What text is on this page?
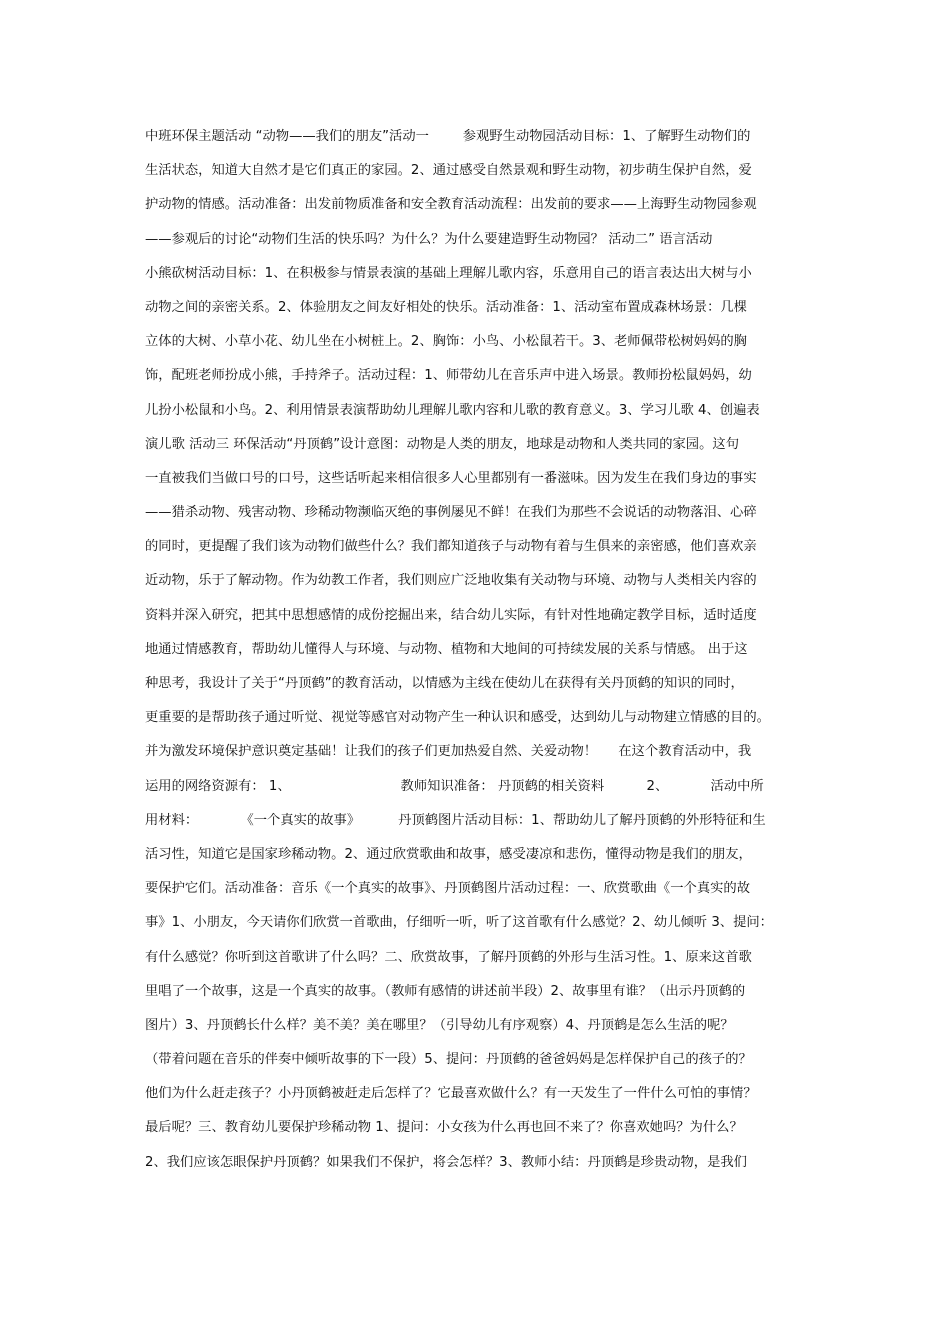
中班环保主题活动 “动物——我们的朋友”活动一        参观野生动物园活动目标：1、了解野生动物们的
生活状态，知道大自然才是它们真正的家园。2、通过感受自然景观和野生动物，初步萌生保护自然，爱
护动物的情感。活动准备：出发前物质准备和安全教育活动流程：出发前的要求——上海野生动物园参观
——参观后的讨论“动物们生活的快乐吗？为什么？为什么要建造野生动物园？ 活动二” 语言活动
小熊砍树活动目标：1、在积极参与情景表演的基础上理解儿歌内容，乐意用自己的语言表达出大树与小
动物之间的亲密关系。2、体验朋友之间友好相处的快乐。活动准备：1、活动室布置成森林场景：几棵
立体的大树、小草小花、幼儿坐在小树桩上。2、胸饰：小鸟、小松鼠若干。3、老师佩带松树妈妈的胸
饰，配班老师扮成小熊，手持斧子。活动过程：1、师带幼儿在音乐声中进入场景。教师扮松鼠妈妈，幼
儿扮小松鼠和小鸟。2、利用情景表演帮助幼儿理解儿歌内容和儿歌的教育意义。3、学习儿歌 4、创遍表
演儿歌 活动三 环保活动“丹顶鹤”设计意图：动物是人类的朋友，地球是动物和人类共同的家园。这句
一直被我们当做口号的口号，这些话听起来相信很多人心里都别有一番滋味。因为发生在我们身边的事实
——猎杀动物、残害动物、珍稀动物濒临灭绝的事例屡见不鲜！在我们为那些不会说话的动物落泪、心碎
的同时，更提醒了我们该为动物们做些什么？我们都知道孩子与动物有着与生俱来的亲密感，他们喜欢亲
近动物，乐于了解动物。作为幼教工作者，我们则应广泛地收集有关动物与环境、动物与人类相关内容的
资料并深入研究，把其中思想感情的成份挖掘出来，结合幼儿实际，有针对性地确定教学目标，适时适度
地通过情感教育，帮助幼儿懂得人与环境、与动物、植物和大地间的可持续发展的关系与情感。 出于这
种思考，我设计了关于“丹顶鹤”的教育活动，以情感为主线在使幼儿在获得有关丹顶鹤的知识的同时，
更重要的是帮助孩子通过听觉、视觉等感官对动物产生一种认识和感受，达到幼儿与动物建立情感的目的。
并为激发环境保护意识奠定基础！让我们的孩子们更加热爱自然、关爱动物！     在这个教育活动中，我
运用的网络资源有： 1、                          教师知识准备： 丹顶鹤的相关资料          2、          活动中所
用材料：          《一个真实的故事》         丹顶鹤图片活动目标：1、帮助幼儿了解丹顶鹤的外形特征和生
活习性，知道它是国家珍稀动物。2、通过欣赏歌曲和故事，感受凄凉和悲伤，懂得动物是我们的朋友，
要保护它们。活动准备：音乐《一个真实的故事》、丹顶鹤图片活动过程：一、欣赏歌曲《一个真实的故
事》1、小朋友，今天请你们欣赏一首歌曲，仔细听一听，听了这首歌有什么感觉？2、幼儿倾听 3、提问：
有什么感觉？你听到这首歌讲了什么吗？二、欣赏故事，了解丹顶鹤的外形与生活习性。1、原来这首歌
里唱了一个故事，这是一个真实的故事。（教师有感情的讲述前半段）2、故事里有谁？（出示丹顶鹤的
图片）3、丹顶鹤长什么样？美不美？美在哪里？（引导幼儿有序观察）4、丹顶鹤是怎么生活的呢？
（带着问题在音乐的伴奏中倾听故事的下一段）5、提问：丹顶鹤的爸爸妈妈是怎样保护自己的孩子的？
他们为什么赶走孩子？小丹顶鹤被赶走后怎样了？它最喜欢做什么？有一天发生了一件什么可怕的事情？
最后呢？三、教育幼儿要保护珍稀动物 1、提问：小女孩为什么再也回不来了？你喜欢她吗？为什么？
2、我们应该怎眼保护丹顶鹤？如果我们不保护，将会怎样？3、教师小结：丹顶鹤是珍贵动物，是我们
